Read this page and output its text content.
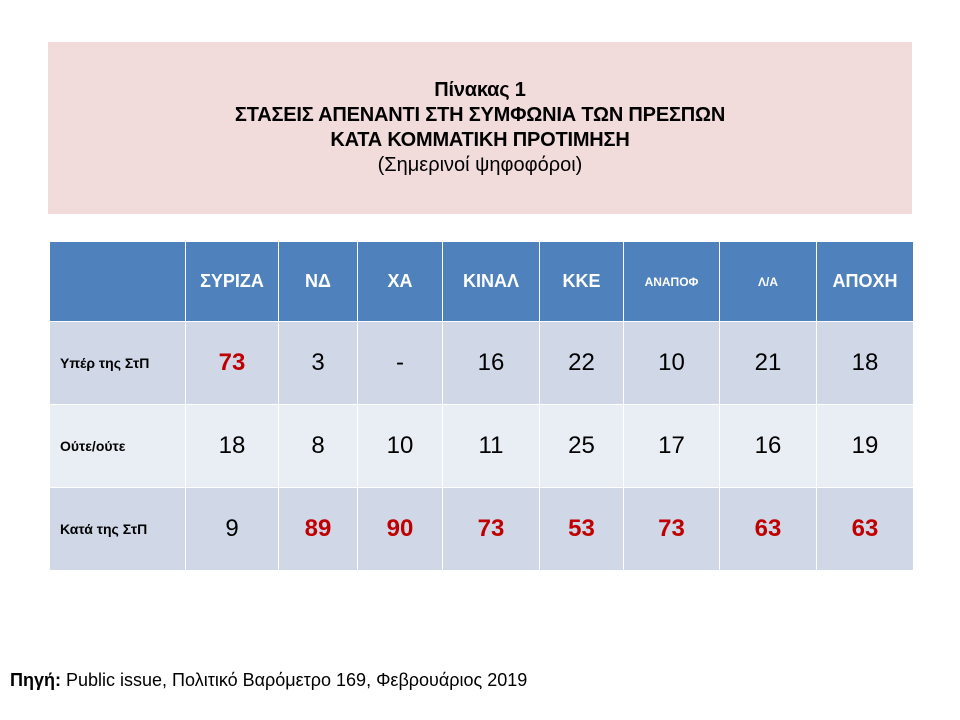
Πίνακας 1
ΣΤΑΣΕΙΣ ΑΠΕΝΑΝΤΙ ΣΤΗ ΣΥΜΦΩΝΙΑ ΤΩΝ ΠΡΕΣΠΩΝ
ΚΑΤΑ ΚΟΜΜΑΤΙΚΗ ΠΡΟΤΙΜΗΣΗ
(Σημερινοί ψηφοφόροι)
	ΣΥΡΙΖΑ	ΝΔ	ΧΑ	ΚΙΝΑΛ	ΚΚΕ	ΑΝΑΠΟΦ	Λ/Α	ΑΠΟΧΗ
Υπέρ της ΣτΠ	73	3	-	16	22	10	21	18
Ούτε/ούτε	18	8	10	11	25	17	16	19
Κατά της ΣτΠ	9	89	90	73	53	73	63	63
Πηγή: Public issue, Πολιτικό Βαρόμετρο 169, Φεβρουάριος 2019
